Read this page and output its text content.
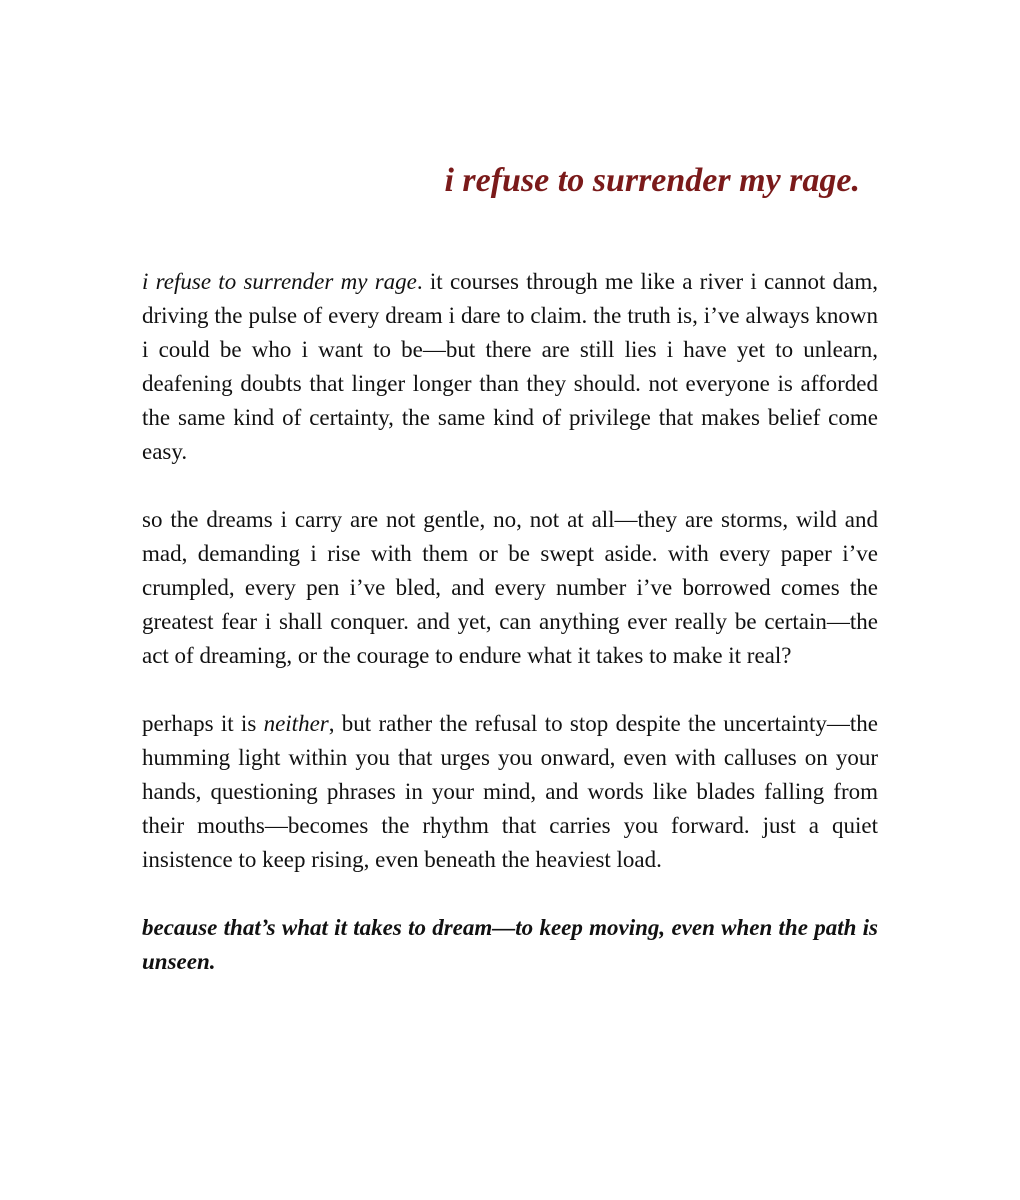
i refuse to surrender my rage.

i refuse to surrender my rage. it courses through me like a river i cannot dam, driving the pulse of every dream i dare to claim. the truth is, i’ve always known i could be who i want to be—but there are still lies i have yet to unlearn, deafening doubts that linger longer than they should. not everyone is afforded the same kind of certainty, the same kind of privilege that makes belief come easy.

so the dreams i carry are not gentle, no, not at all—they are storms, wild and mad, demanding i rise with them or be swept aside. with every paper i’ve crumpled, every pen i’ve bled, and every number i’ve borrowed comes the greatest fear i shall conquer. and yet, can anything ever really be certain—the act of dreaming, or the courage to endure what it takes to make it real?

perhaps it is neither, but rather the refusal to stop despite the uncertainty—the humming light within you that urges you onward, even with calluses on your hands, questioning phrases in your mind, and words like blades falling from their mouths—becomes the rhythm that carries you forward. just a quiet insistence to keep rising, even beneath the heaviest load.

because that’s what it takes to dream—to keep moving, even when the path is unseen.
